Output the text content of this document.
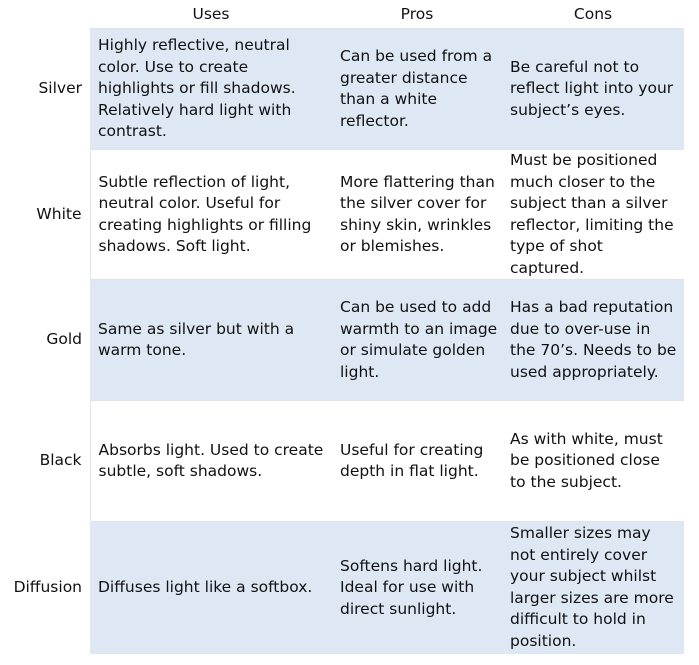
	Uses	Pros	Cons
Silver	Highly reflective, neutral color. Use to create highlights or fill shadows. Relatively hard light with contrast.	Can be used from a greater distance than a white reflector.	Be careful not to reflect light into your subject’s eyes.
White	Subtle reflection of light, neutral color. Useful for creating highlights or filling shadows. Soft light.	More flattering than the silver cover for shiny skin, wrinkles or blemishes.	Must be positioned much closer to the subject than a silver reflector, limiting the type of shot captured.
Gold	Same as silver but with a warm tone.	Can be used to add warmth to an image or simulate golden light.	Has a bad reputation due to over-use in the 70’s. Needs to be used appropriately.
Black	Absorbs light. Used to create subtle, soft shadows.	Useful for creating depth in flat light.	As with white, must be positioned close to the subject.
Diffusion	Diffuses light like a softbox.	Softens hard light. Ideal for use with direct sunlight.	Smaller sizes may not entirely cover your subject whilst larger sizes are more difficult to hold in position.
